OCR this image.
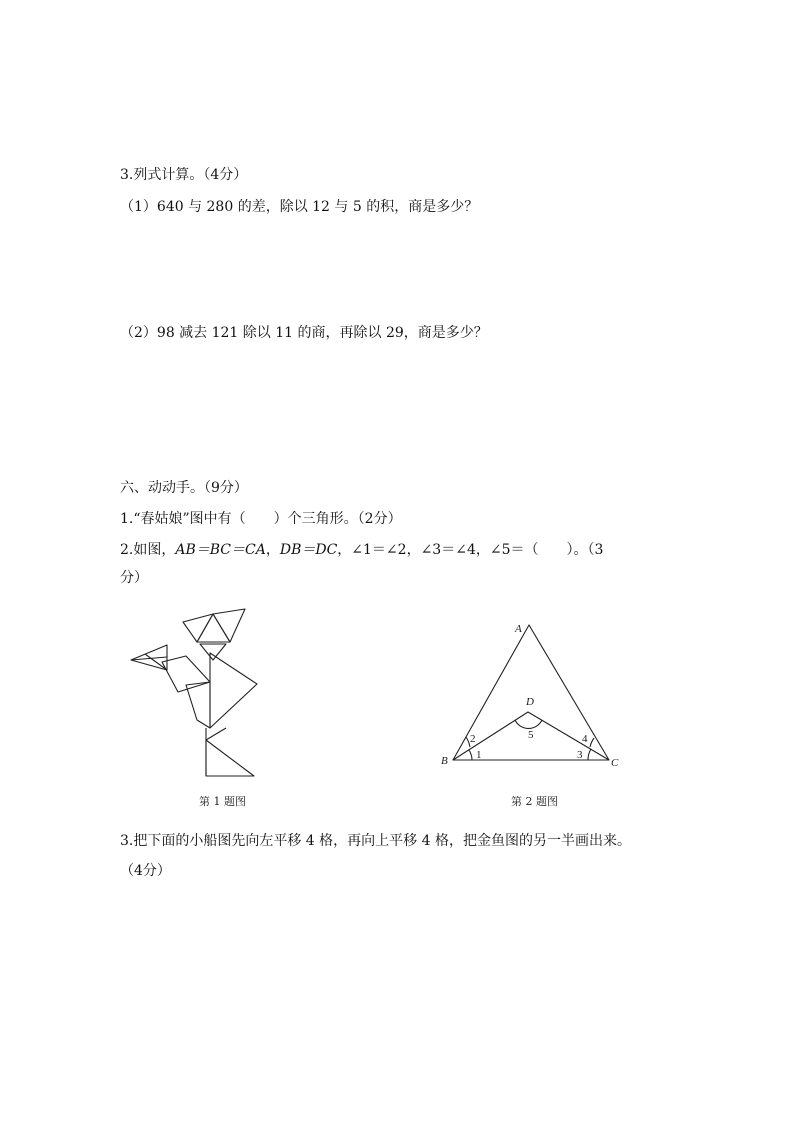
3.列式计算。（4分）
（1）640 与 280 的差，除以 12 与 5 的积，商是多少？
（2）98 减去 121 除以 11 的商，再除以 29，商是多少？
六、动动手。（9分）
1.“春姑娘”图中有（　　）个三角形。（2分）
2.如图，AB＝BC＝CA，DB＝DC，∠1＝∠2，∠3＝∠4，∠5＝（　　）。（3
分）
第 1 题图
A
B	C
D
1
2
3
4
5
第 2 题图
3.把下面的小船图先向左平移 4 格，再向上平移 4 格，把金鱼图的另一半画出来。
（4分）
